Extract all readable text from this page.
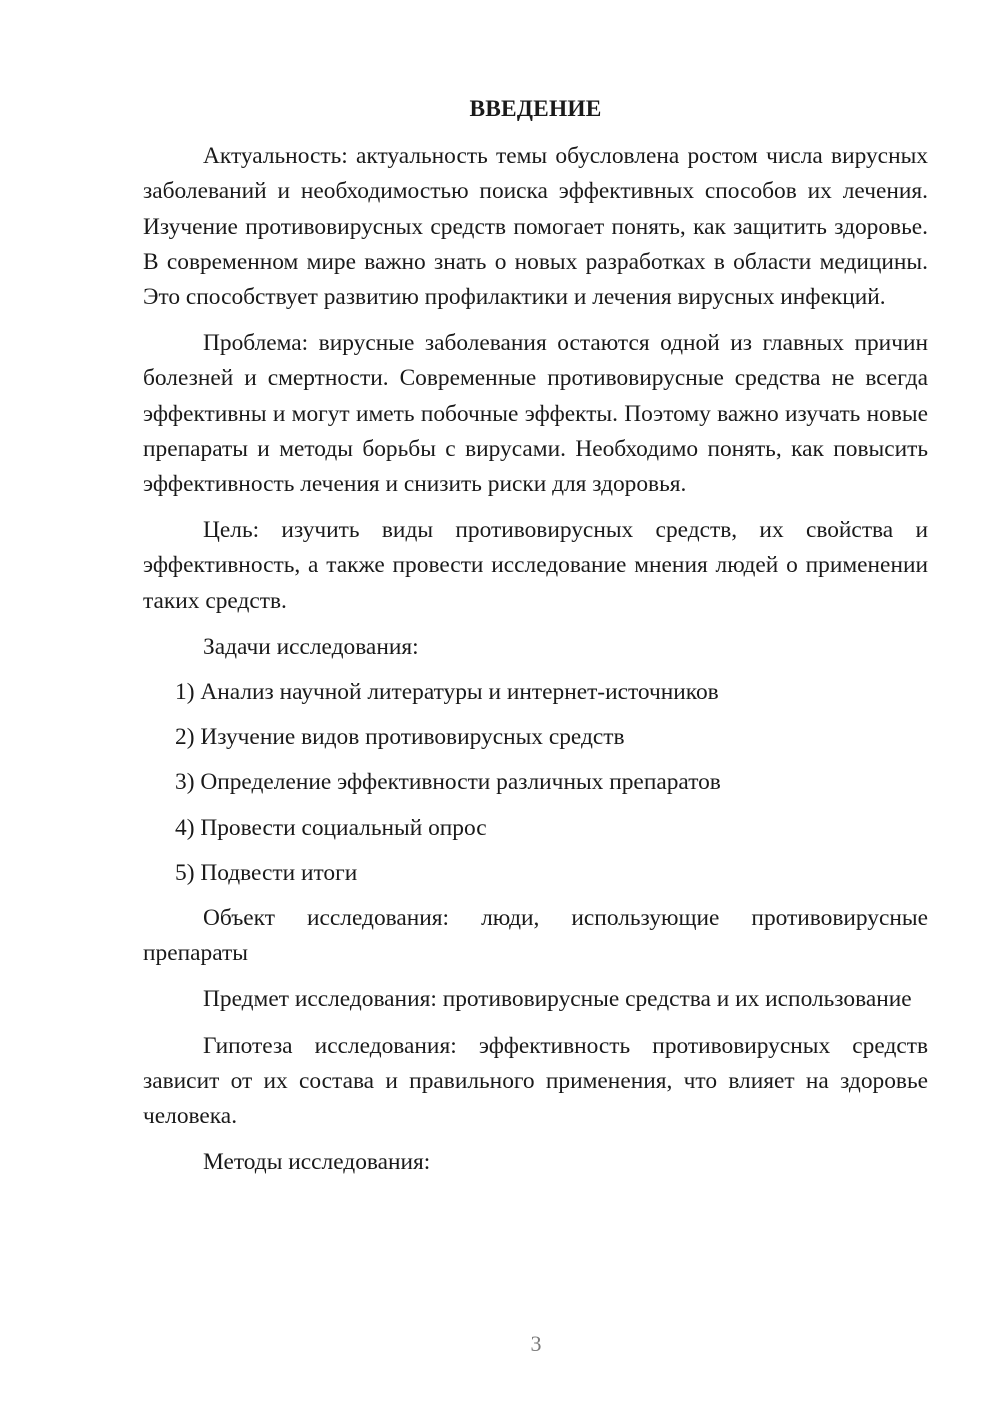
ВВЕДЕНИЕ

Актуальность: актуальность темы обусловлена ростом числа вирусных заболеваний и необходимостью поиска эффективных способов их лечения. Изучение противовирусных средств помогает понять, как защитить здоровье. В современном мире важно знать о новых разработках в области медицины. Это способствует развитию профилактики и лечения вирусных инфекций.

Проблема: вирусные заболевания остаются одной из главных причин болезней и смертности. Современные противовирусные средства не всегда эффективны и могут иметь побочные эффекты. Поэтому важно изучать новые препараты и методы борьбы с вирусами. Необходимо понять, как повысить эффективность лечения и снизить риски для здоровья.

Цель: изучить виды противовирусных средств, их свойства и эффективность, а также провести исследование мнения людей о применении таких средств.

Задачи исследования:

1) Анализ научной литературы и интернет-источников

2) Изучение видов противовирусных средств

3) Определение эффективности различных препаратов

4) Провести социальный опрос

5) Подвести итоги

Объект исследования: люди, использующие противовирусные препараты

Предмет исследования: противовирусные средства и их использование

Гипотеза исследования: эффективность противовирусных средств зависит от их состава и правильного применения, что влияет на здоровье человека.

Методы исследования:

3
